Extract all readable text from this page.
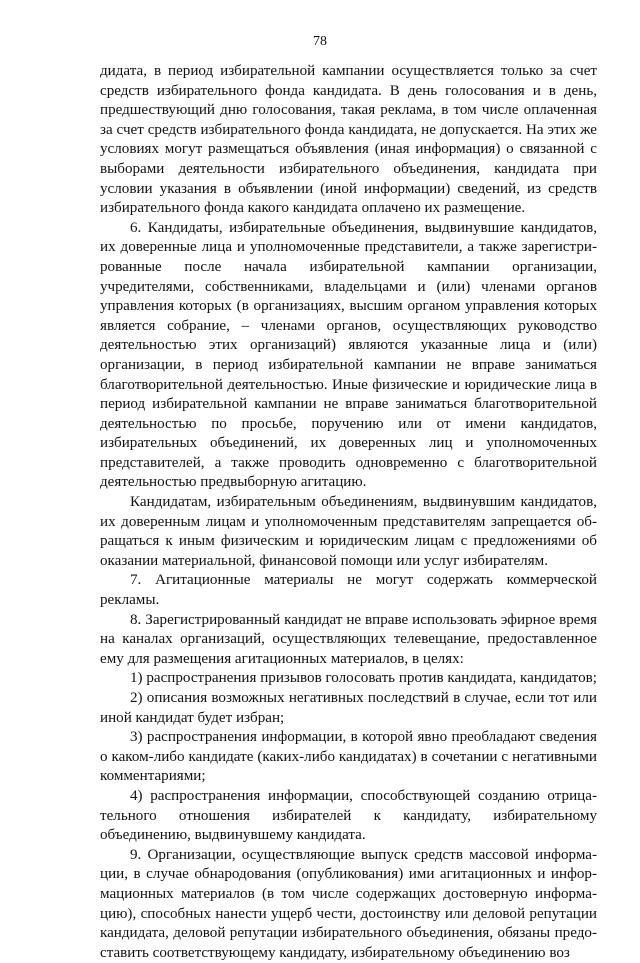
78

дидата, в период избирательной кампании осуществляется только за счет средств избирательного фонда кандидата. В день голосования и в день, предшествующий дню голосования, такая реклама, в том числе оплаченная за счет средств избирательного фонда кандидата, не допускается. На этих же условиях могут размещаться объявления (иная информация) о связанной с выборами деятельности избирательного объединения, кандидата при условии указания в объявлении (иной информации) сведений, из средств избирательного фонда какого кандидата оплачено их размещение.

6. Кандидаты, избирательные объединения, выдвинувшие кандидатов, их доверенные лица и уполномоченные представители, а также зарегистрированные после начала избирательной кампании организации, учредителями, собственниками, владельцами и (или) членами органов управления которых (в организациях, высшим органом управления которых является собрание, – членами органов, осуществляющих руководство деятельностью этих организаций) являются указанные лица и (или) организации, в период избирательной кампании не вправе заниматься благотворительной деятельностью. Иные физические и юридические лица в период избирательной кампании не вправе заниматься благотворительной деятельностью по просьбе, поручению или от имени кандидатов, избирательных объединений, их доверенных лиц и уполномоченных представителей, а также проводить одновременно с благотворительной деятельностью предвыборную агитацию.

Кандидатам, избирательным объединениям, выдвинувшим кандидатов, их доверенным лицам и уполномоченным представителям запрещается обращаться к иным физическим и юридическим лицам с предложениями об оказании материальной, финансовой помощи или услуг избирателям.

7. Агитационные материалы не могут содержать коммерческой рекламы.

8. Зарегистрированный кандидат не вправе использовать эфирное время на каналах организаций, осуществляющих телевещание, предоставленное ему для размещения агитационных материалов, в целях:

1) распространения призывов голосовать против кандидата, кандидатов;

2) описания возможных негативных последствий в случае, если тот или иной кандидат будет избран;

3) распространения информации, в которой явно преобладают сведения о каком-либо кандидате (каких-либо кандидатах) в сочетании с негативными комментариями;

4) распространения информации, способствующей созданию отрицательного отношения избирателей к кандидату, избирательному объединению, выдвинувшему кандидата.

9. Организации, осуществляющие выпуск средств массовой информации, в случае обнародования (опубликования) ими агитационных и информационных материалов (в том числе содержащих достоверную информацию), способных нанести ущерб чести, достоинству или деловой репутации кандидата, деловой репутации избирательного объединения, обязаны предоставить соответствующему кандидату, избирательному объединению воз
